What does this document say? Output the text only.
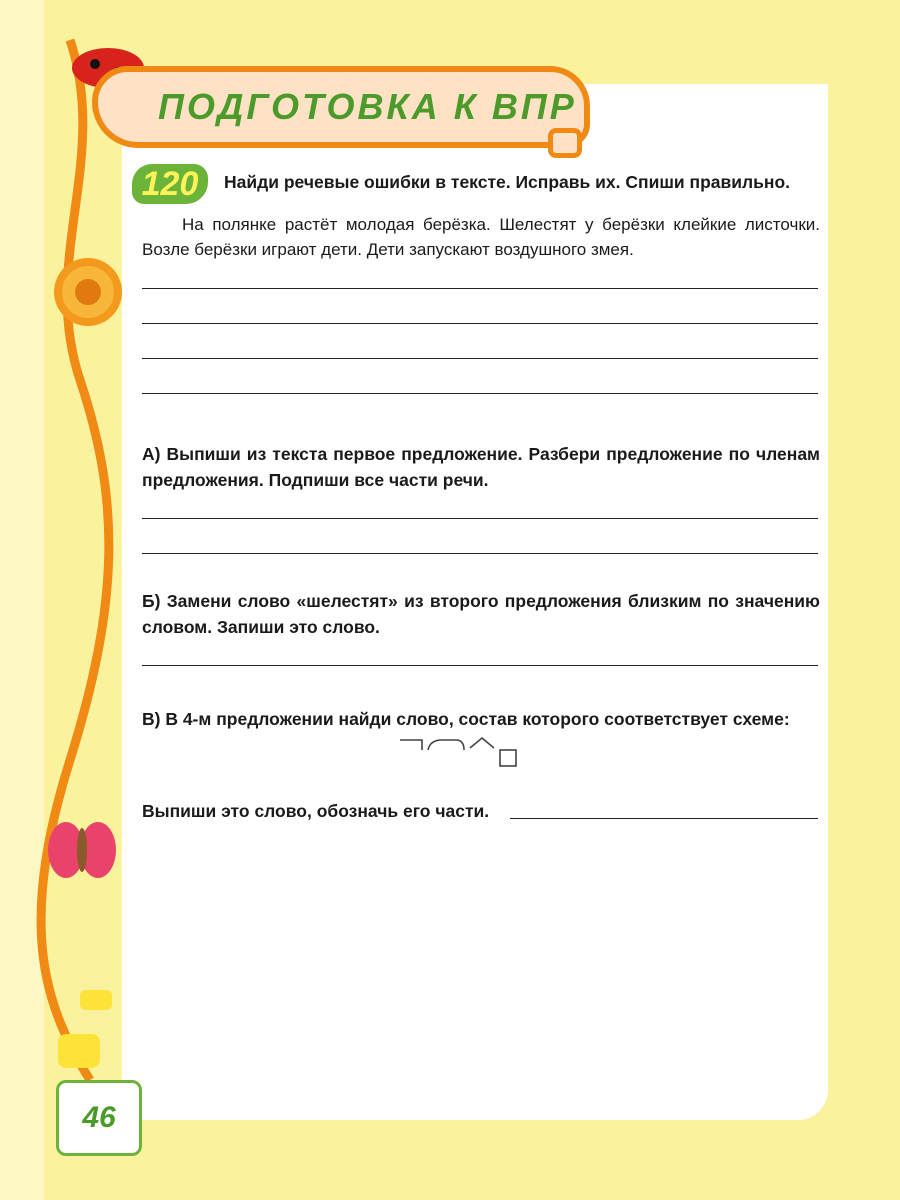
ПОДГОТОВКА К ВПР
120	Найди речевые ошибки в тексте. Исправь их. Спиши правильно.
На полянке растёт молодая берёзка. Шелестят у берёзки клейкие листочки. Возле берёзки играют дети. Дети запускают воздушного змея.
А) Выпиши из текста первое предложение. Разбери предложение по членам предложения. Подпиши все части речи.
Б) Замени слово «шелестят» из второго предложения близким по значению словом. Запиши это слово.
В) В 4-м предложении найди слово, состав которого соответствует схеме:
Выпиши это слово, обозначь его части.
46
